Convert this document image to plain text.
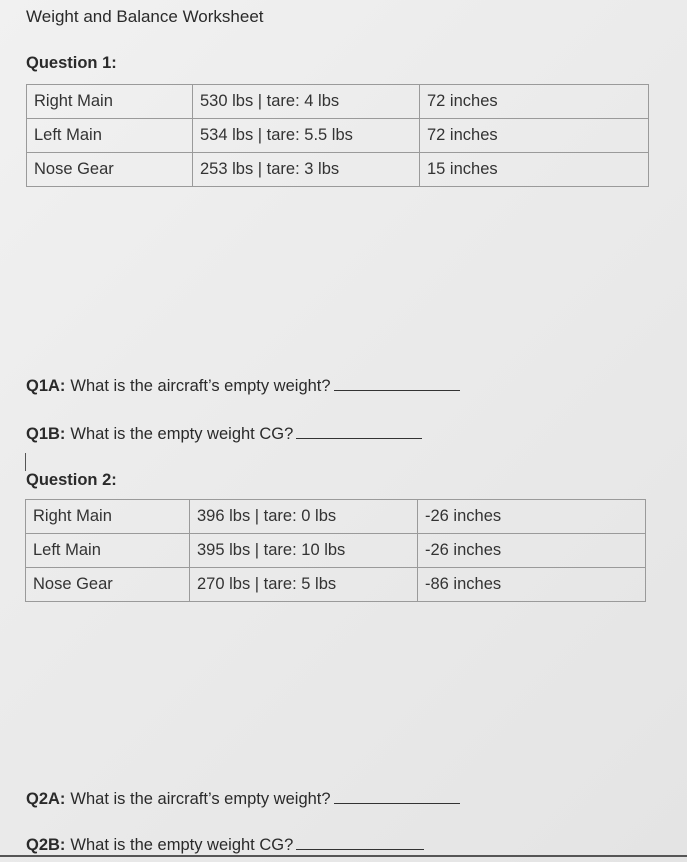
Weight and Balance Worksheet
Question 1:
Right Main	530 lbs | tare: 4 lbs	72 inches
Left Main	534 lbs | tare: 5.5 lbs	72 inches
Nose Gear	253 lbs | tare: 3 lbs	15 inches
Q1A: What is the aircraft’s empty weight?
Q1B: What is the empty weight CG?
Question 2:
Right Main	396 lbs | tare: 0 lbs	-26 inches
Left Main	395 lbs | tare: 10 lbs	-26 inches
Nose Gear	270 lbs | tare: 5 lbs	-86 inches
Q2A: What is the aircraft’s empty weight?
Q2B: What is the empty weight CG?
